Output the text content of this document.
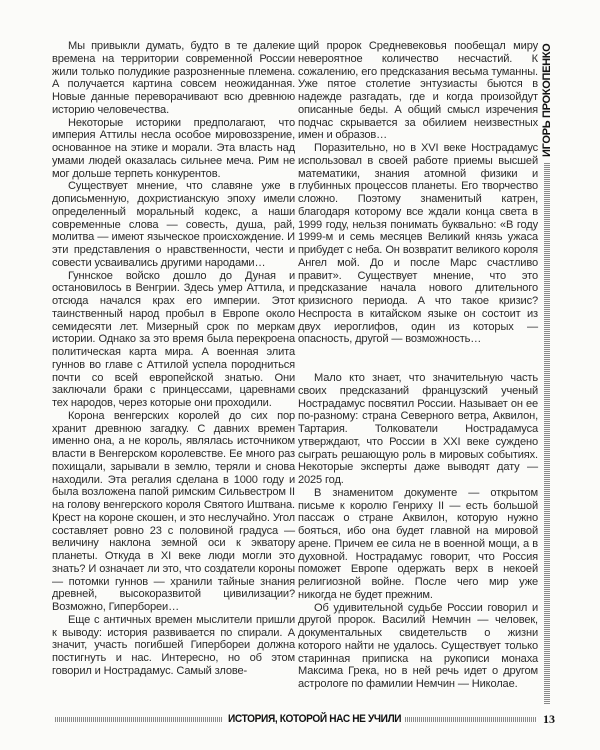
Мы привыкли думать, будто в те далекие времена на территории современной России жили только полудикие разрозненные племена. А получается картина совсем неожиданная. Новые данные переворачивают всю древнюю историю человечества.

Некоторые историки предполагают, что империя Аттилы несла особое мировоззрение, основанное на этике и морали. Эта власть над умами людей оказалась сильнее меча. Рим не мог дольше терпеть конкурентов.

Существует мнение, что славяне уже в дописьменную, дохристианскую эпоху имели определенный моральный кодекс, а наши современные слова — совесть, душа, рай, молитва — имеют языческое происхождение. И эти представления о нравственности, чести и совести усваивались другими народами…

Гуннское войско дошло до Дуная и остановилось в Венгрии. Здесь умер Аттила, и отсюда начался крах его империи. Этот таинственный народ пробыл в Европе около семидесяти лет. Мизерный срок по меркам истории. Однако за это время была перекроена политическая карта мира. А военная элита гуннов во главе с Аттилой успела породниться почти со всей европейской знатью. Они заключали браки с принцессами, царевнами тех народов, через которые они проходили.

Корона венгерских королей до сих пор хранит древнюю загадку. С давних времен именно она, а не король, являлась источником власти в Венгерском королевстве. Ее много раз похищали, зарывали в землю, теряли и снова находили. Эта регалия сделана в 1000 году и была возложена папой римским Сильвестром II на голову венгерского короля Святого Иштвана. Крест на короне скошен, и это неслучайно. Угол составляет ровно 23 с половиной градуса — величину наклона земной оси к экватору планеты. Откуда в XI веке люди могли это знать? И означает ли это, что создатели короны — потомки гуннов — хранили тайные знания древней, высокоразвитой цивилизации? Возможно, Гипербореи…

Еще с античных времен мыслители пришли к выводу: история развивается по спирали. А значит, участь погибшей Гипербореи должна постигнуть и нас. Интересно, но об этом говорил и Нострадамус. Самый злове-

щий пророк Средневековья пообещал миру невероятное количество несчастий. К сожалению, его предсказания весьма туманны. Уже пятое столетие энтузиасты бьются в надежде разгадать, где и когда произойдут описанные беды. А общий смысл изречения подчас скрывается за обилием неизвестных имен и образов…

Поразительно, но в XVI веке Нострадамус использовал в своей работе приемы высшей математики, знания атомной физики и глубинных процессов планеты. Его творчество сложно. Поэтому знаменитый катрен, благодаря которому все ждали конца света в 1999 году, нельзя понимать буквально: «В году 1999-м и семь месяцев Великий князь ужаса прибудет с неба. Он возвратит великого короля Ангел мой. До и после Марс счастливо правит». Существует мнение, что это предсказание начала нового длительного кризисного периода. А что такое кризис? Неспроста в китайском языке он состоит из двух иероглифов, один из которых — опасность, другой — возможность…

Мало кто знает, что значительную часть своих предсказаний французский ученый Нострадамус посвятил России. Называет он ее по-разному: страна Северного ветра, Аквилон, Тартария. Толкователи Нострадамуса утверждают, что России в XXI веке суждено сыграть решающую роль в мировых событиях. Некоторые эксперты даже выводят дату — 2025 год.

В знаменитом документе — открытом письме к королю Генриху II — есть большой пассаж о стране Аквилон, которую нужно бояться, ибо она будет главной на мировой арене. Причем ее сила не в военной мощи, а в духовной. Нострадамус говорит, что Россия поможет Европе одержать верх в некоей религиозной войне. После чего мир уже никогда не будет прежним.

Об удивительной судьбе России говорил и другой пророк. Василий Немчин — человек, документальных свидетельств о жизни которого найти не удалось. Существует только старинная приписка на рукописи монаха Максима Грека, но в ней речь идет о другом астрологе по фамилии Немчин — Николае.

ИГОРЬ ПРОКОПЕНКО
ИСТОРИЯ, КОТОРОЙ НАС НЕ УЧИЛИ	13
